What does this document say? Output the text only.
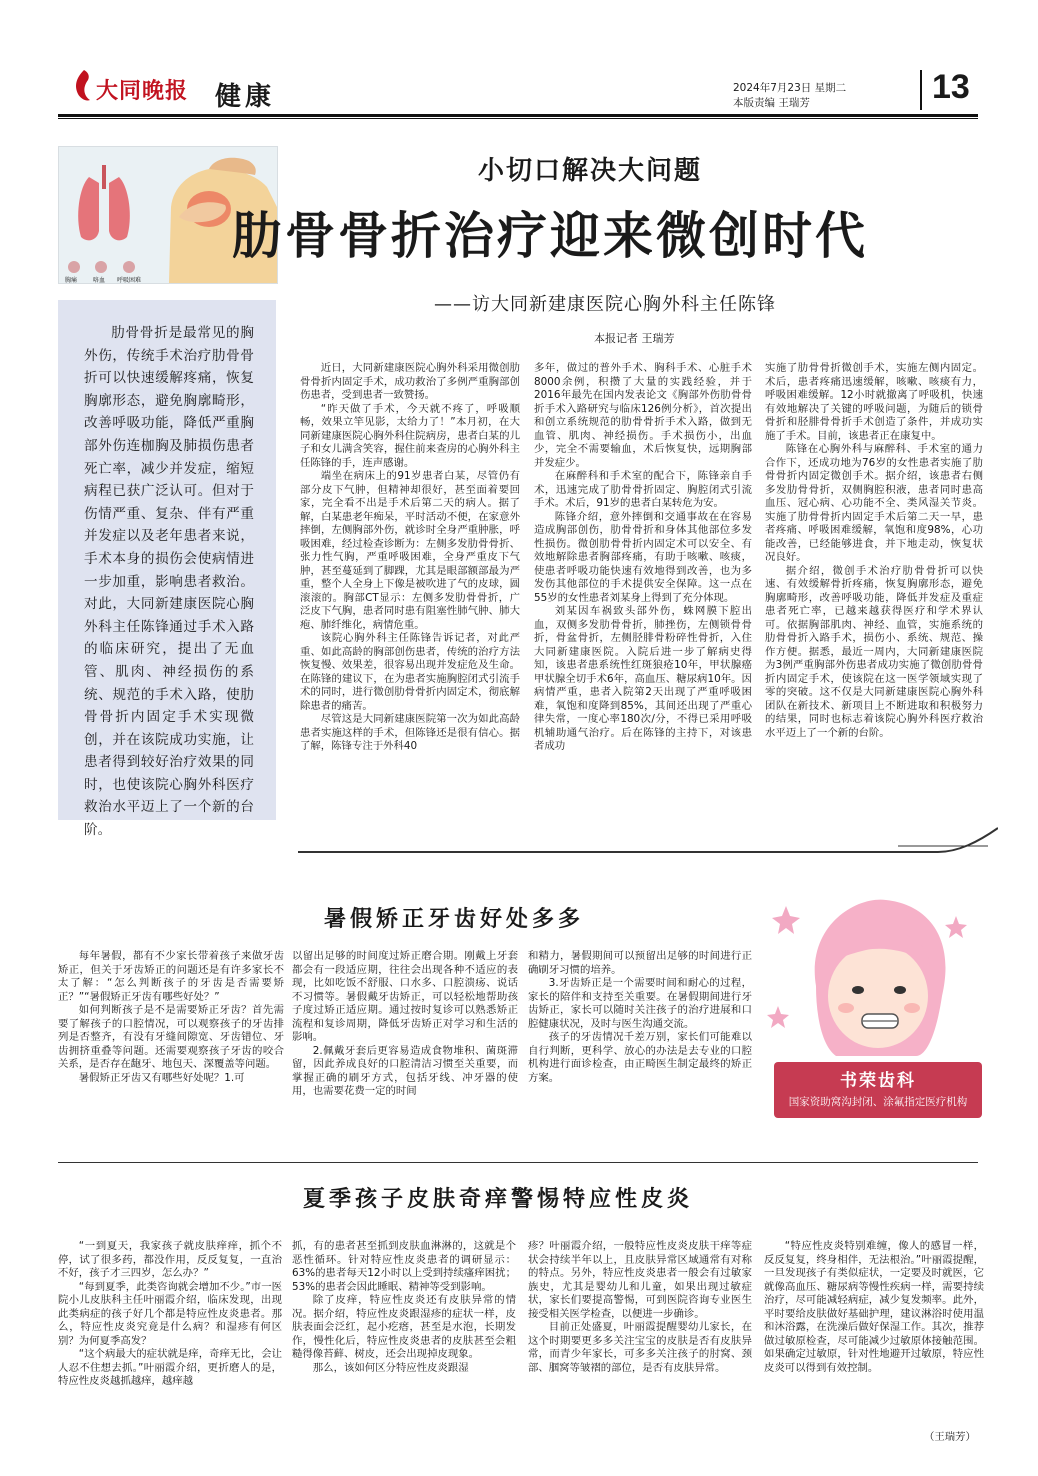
大同晚报 健康	2024年7月23日 星期二
本版责编 王瑞芳	13
胸痛	咯血 呼吸困难
小切口解决大问题
肋骨骨折治疗迎来微创时代
——访大同新建康医院心胸外科主任陈锋
本报记者 王瑞芳

肋骨骨折是最常见的胸外伤，传统手术治疗肋骨骨折可以快速缓解疼痛，恢复胸廓形态，避免胸廓畸形，改善呼吸功能，降低严重胸部外伤连枷胸及肺损伤患者死亡率，减少并发症，缩短病程已获广泛认可。但对于伤情严重、复杂、伴有严重并发症以及老年患者来说，手术本身的损伤会使病情进一步加重，影响患者救治。对此，大同新建康医院心胸外科主任陈锋通过手术入路的临床研究，提出了无血管、肌肉、神经损伤的系统、规范的手术入路，使肋骨骨折内固定手术实现微创，并在该院成功实施，让患者得到较好治疗效果的同时，也使该院心胸外科医疗救治水平迈上了一个新的台阶。

近日，大同新建康医院心胸外科采用微创肋骨骨折内固定手术，成功救治了多例严重胸部创伤患者，受到患者一致赞扬。

“昨天做了手术，今天就不疼了，呼吸顺畅，效果立竿见影，太给力了！”本月初，在大同新建康医院心胸外科住院病房，患者白某的儿子和女儿满含笑容，握住前来查房的心胸外科主任陈锋的手，连声感谢。

端坐在病床上的91岁患者白某，尽管仍有部分皮下气肿，但精神却很好，甚至面着要回家，完全看不出是手术后第二天的病人。据了解，白某患老年痴呆，平时活动不便，在家意外摔倒，左侧胸部外伤，就诊时全身严重肿胀，呼吸困难，经过检查诊断为：左侧多发肋骨骨折、张力性气胸，严重呼吸困难，全身严重皮下气肿，甚至蔓延到了脚踝，尤其是眼部额部最为严重，整个人全身上下像是被吹进了气的皮球，圆滚滚的。胸部CT显示：左侧多发肋骨骨折，广泛皮下气胸，患者同时患有阻塞性肺气肿、肺大疱、肺纤维化，病情危重。

该院心胸外科主任陈锋告诉记者，对此严重、如此高龄的胸部创伤患者，传统的治疗方法恢复慢、效果差，很容易出现并发症危及生命。在陈锋的建议下，在为患者实施胸腔闭式引流手术的同时，进行微创肋骨骨折内固定术，彻底解除患者的痛苦。

尽管这是大同新建康医院第一次为如此高龄患者实施这样的手术，但陈锋还是很有信心。据了解，陈锋专注于外科40

多年，做过的普外手术、胸科手术、心脏手术8000余例，积攒了大量的实践经验，并于2016年最先在国内发表论文《胸部外伤肋骨骨折手术入路研究与临床126例分析》，首次提出和创立系统规范的肋骨骨折手术入路，做到无血管、肌肉、神经损伤。手术损伤小，出血少，完全不需要输血，术后恢复快，远期胸部并发症少。

在麻醉科和手术室的配合下，陈锋亲自手术，迅速完成了肋骨骨折固定、胸腔闭式引流手术。术后，91岁的患者白某转危为安。

陈锋介绍，意外摔倒和交通事故在在容易造成胸部创伤，肋骨骨折和身体其他部位多发性损伤。微创肋骨骨折内固定术可以安全、有效地解除患者胸部疼痛，有助于咳嗽、咳痰，使患者呼吸功能快速有效地得到改善，也为多发伤其他部位的手术提供安全保障。这一点在55岁的女性患者刘某身上得到了充分体现。

刘某因车祸致头部外伤，蛛网膜下腔出血，双侧多发肋骨骨折，肺挫伤，左侧锁骨骨折，骨盆骨折，左侧胫腓骨粉碎性骨折，入住大同新建康医院。入院后进一步了解病史得知，该患者患系统性红斑狼疮10年，甲状腺癌甲状腺全切手术6年，高血压、糖尿病10年。因病情严重，患者入院第2天出现了严重呼吸困难，氧饱和度降到85%，其间还出现了严重心律失常，一度心率180次/分，不得已采用呼吸机辅助通气治疗。后在陈锋的主持下，对该患者成功

实施了肋骨骨折微创手术，实施左侧内固定。术后，患者疼痛迅速缓解，咳嗽、咳痰有力，呼吸困难缓解。12小时就撤离了呼吸机，快速有效地解决了关键的呼吸问题，为随后的锁骨骨折和胫腓骨骨折手术创造了条件，并成功实施了手术。目前，该患者正在康复中。

陈锋在心胸外科与麻醉科、手术室的通力合作下，还成功地为76岁的女性患者实施了肋骨骨折内固定微创手术。据介绍，该患者右侧多发肋骨骨折，双侧胸腔积液，患者同时患高血压、冠心病、心功能不全、类风湿关节炎。实施了肋骨骨折内固定手术后第二天一早，患者疼痛、呼吸困难缓解，氧饱和度98%，心功能改善，已经能够进食，并下地走动，恢复状况良好。

据介绍，微创手术治疗肋骨骨折可以快速、有效缓解骨折疼痛，恢复胸廓形态，避免胸廓畸形，改善呼吸功能，降低并发症及重症患者死亡率，已越来越获得医疗和学术界认可。依据胸部肌肉、神经、血管，实施系统的肋骨骨折入路手术，损伤小、系统、规范、操作方便。据悉，最近一周内，大同新建康医院为3例严重胸部外伤患者成功实施了微创肋骨骨折内固定手术，使该院在这一医学领域实现了零的突破。这不仅是大同新建康医院心胸外科团队在新技术、新项目上不断进取和积极努力的结果，同时也标志着该院心胸外科医疗救治水平迈上了一个新的台阶。

暑假矫正牙齿好处多多

每年暑假，都有不少家长带着孩子来做牙齿矫正，但关于牙齿矫正的问题还是有许多家长不太了解：“怎么判断孩子的牙齿是否需要矫正？”“暑假矫正牙齿有哪些好处？”

如何判断孩子是不是需要矫正牙齿？首先需要了解孩子的口腔情况，可以观察孩子的牙齿排列是否整齐，有没有牙缝间隙宽、牙齿错位、牙齿拥挤重叠等问题。还需要观察孩子牙齿的咬合关系，是否存在龅牙、地包天、深覆盖等问题。

暑假矫正牙齿又有哪些好处呢？1.可

以留出足够的时间度过矫正磨合期。刚戴上牙套都会有一段适应期，往往会出现各种不适应的表现，比如吃饭不舒服、口水多、口腔溃疡、说话不习惯等。暑假戴牙齿矫正，可以轻松地帮助孩子度过矫正适应期。通过按时复诊可以熟悉矫正流程和复诊周期，降低牙齿矫正对学习和生活的影响。

2.佩戴牙套后更容易造成食物堆积、菌斑滞留，因此养成良好的口腔清洁习惯至关重要，而掌握正确的刷牙方式，包括牙线、冲牙器的使用，也需要花费一定的时间

和精力，暑假期间可以预留出足够的时间进行正确刷牙习惯的培养。

3.牙齿矫正是一个需要时间和耐心的过程，家长的陪伴和支持至关重要。在暑假期间进行牙齿矫正，家长可以随时关注孩子的治疗进展和口腔健康状况，及时与医生沟通交流。

孩子的牙齿情况千差万别，家长们可能难以自行判断，更科学、放心的办法是去专业的口腔机构进行面诊检查，由正畸医生制定最终的矫正方案。	书荣齿科
国家资助窝沟封闭、涂氟指定医疗机构
夏季孩子皮肤奇痒警惕特应性皮炎

“一到夏天，我家孩子就皮肤痒痒，抓个不停，试了很多药，都没作用，反反复复，一直治不好，孩子才三四岁，怎么办？”

“每到夏季，此类咨询就会增加不少。”市一医院小儿皮肤科主任叶丽霞介绍，临床发现，出现此类病症的孩子好几个都是特应性皮炎患者。那么，特应性皮炎究竟是什么病？和湿疹有何区别？为何夏季高发？

“这个病最大的症状就是痒，奇痒无比，会让人忍不住想去抓。”叶丽霞介绍，更折磨人的是，特应性皮炎越抓越痒，越痒越

抓，有的患者甚至抓到皮肤血淋淋的，这就是个恶性循环。针对特应性皮炎患者的调研显示：63%的患者每天12小时以上受到持续瘙痒困扰；53%的患者会因此睡眠、精神等受到影响。

除了皮痒，特应性皮炎还有皮肤异常的情况。据介绍，特应性皮炎跟湿疹的症状一样，皮肤表面会泛红，起小疙瘩，甚至是水泡，长期发作，慢性化后，特应性皮炎患者的皮肤甚至会粗糙得像苔藓、树皮，还会出现掉皮现象。

那么，该如何区分特应性皮炎跟湿

疹？叶丽霞介绍，一般特应性皮炎皮肤干痒等症状会持续半年以上，且皮肤异常区域通常有对称的特点。另外，特应性皮炎患者一般会有过敏家族史，尤其是婴幼儿和儿童，如果出现过敏症状，家长们要提高警惕，可到医院咨询专业医生接受相关医学检查，以便进一步确诊。

目前正处盛夏，叶丽霞提醒婴幼儿家长，在这个时期要更多多关注宝宝的皮肤是否有皮肤异常，而青少年家长，可多多关注孩子的肘窝、颈部、腘窝等皱褶的部位，是否有皮肤异常。

“特应性皮炎特别难缠，像人的感冒一样，反反复复，终身相伴，无法根治。”叶丽霞提醒，一旦发现孩子有类似症状，一定要及时就医，它就像高血压、糖尿病等慢性疾病一样，需要持续治疗，尽可能减轻病症，减少复发频率。此外，平时要给皮肤做好基础护理，建议淋浴时使用温和沐浴露，在洗澡后做好保湿工作。其次，推荐做过敏原检查，尽可能减少过敏原体接触范围。如果确定过敏原，针对性地避开过敏原，特应性皮炎可以得到有效控制。

（王瑞芳）
